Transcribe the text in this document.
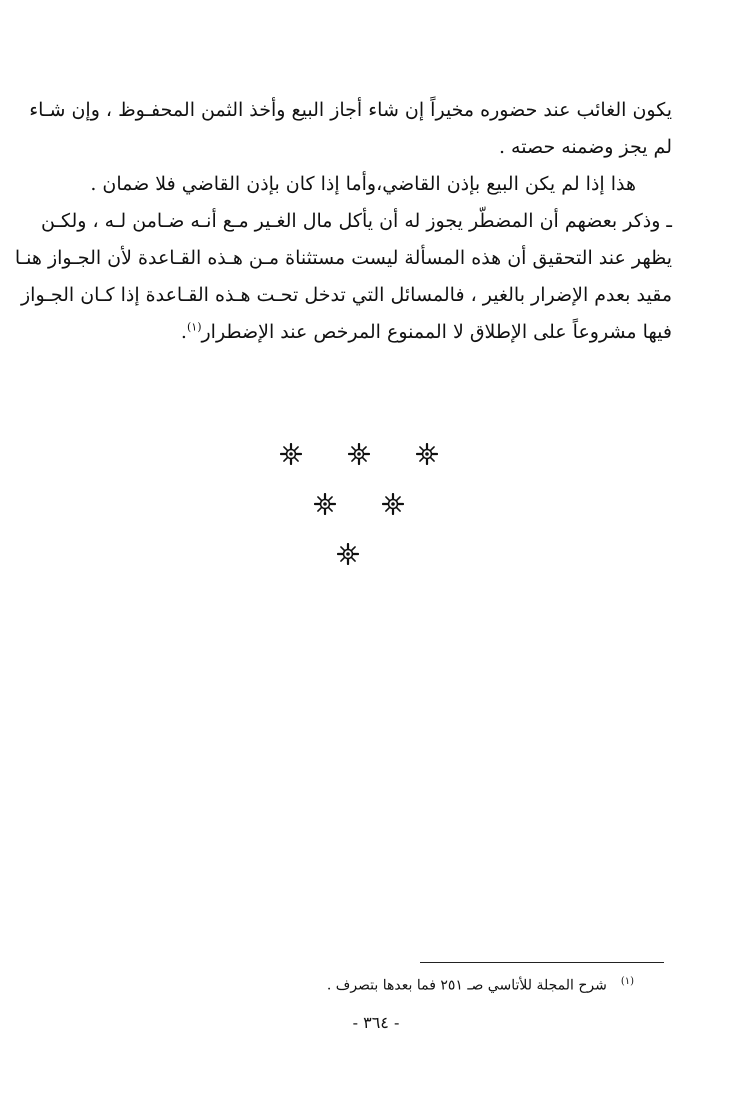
يكون الغائب عند حضوره مخيراً إن شاء أجاز البيع وأخذ الثمن المحفـوظ ، وإن شـاء
لم يجز وضمنه حصته .

هذا إذا لم يكن البيع بإذن القاضي،وأما إذا كان بإذن القاضي فلا ضمان .

ـ وذكر بعضهم أن المضطّر يجوز له أن يأكل مال الغـير مـع أنـه ضـامن لـه ، ولكـن
يظهر عند التحقيق أن هذه المسألة ليست مستثناة مـن هـذه القـاعدة لأن الجـواز هنـا
مقيد بعدم الإضرار بالغير ، فالمسائل التي تدخل تحـت هـذه القـاعدة إذا كـان الجـواز
فيها مشروعاً على الإطلاق لا الممنوع المرخص عند الإضطرار$^{(١)}$.

$^{(١)}$شرح المجلة للأتاسي صـ ٢٥١ فما بعدها بتصرف .
- ٣٦٤ -
